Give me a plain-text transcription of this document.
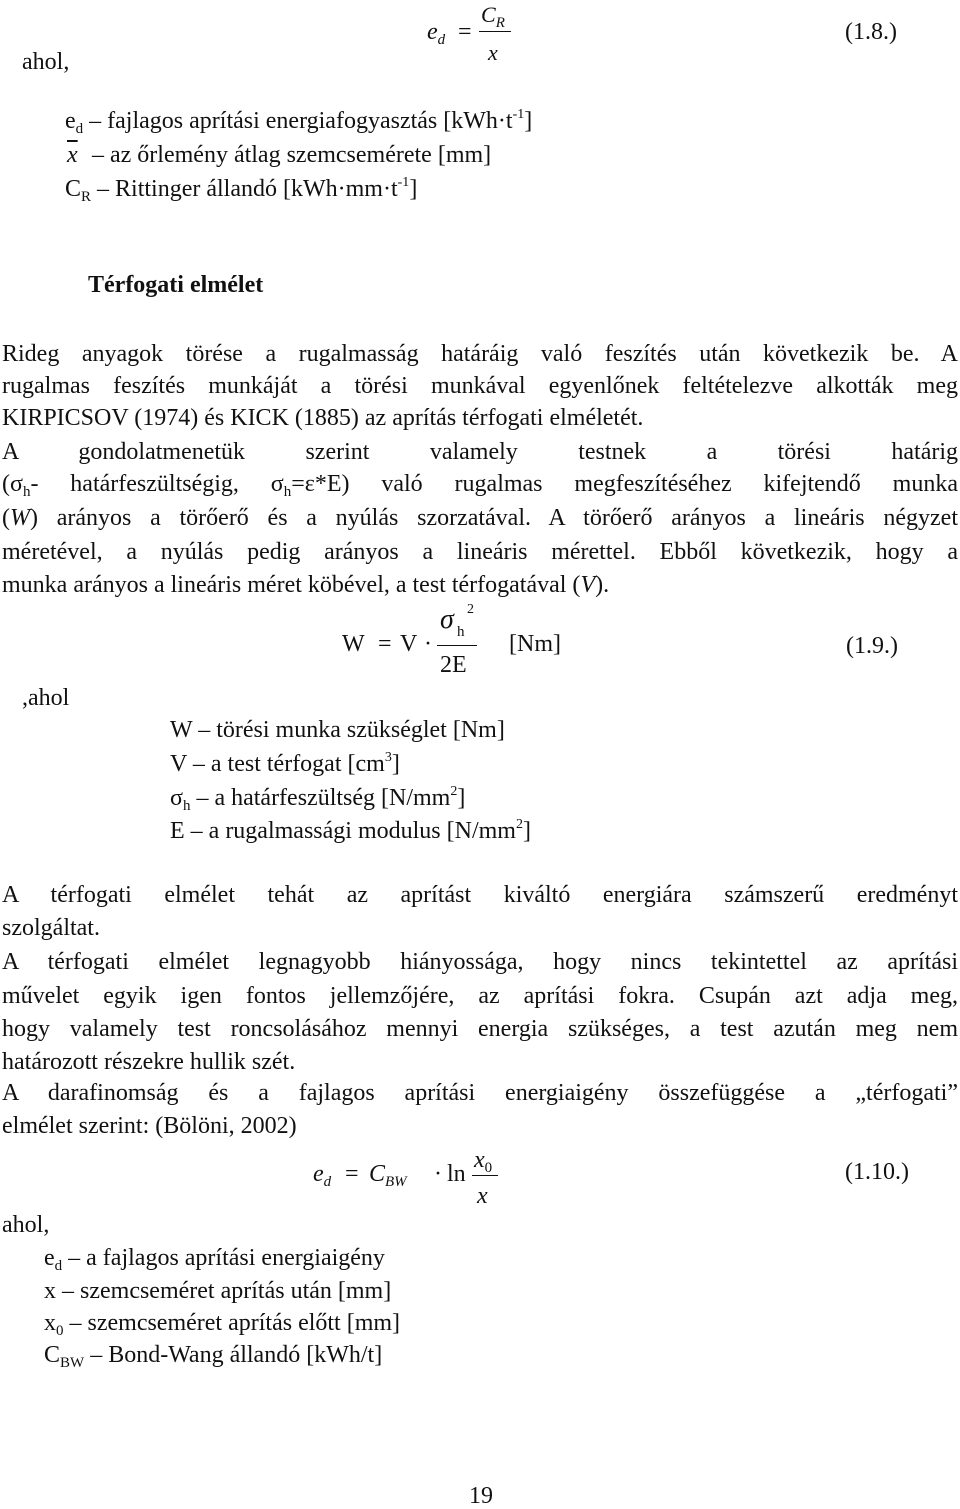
$e_d$ =
$C_R$
x
(1.8.)
ahol,
$e_d$ – fajlagos aprítási energiafogyasztás $[kWh\cdot t^{-1}]$
$\overline{x}$ – az őrlemény átlag szemcsemérete [mm]
$C_R$ – Rittinger állandó $[kWh\cdot mm\cdot t^{-1}]$
Térfogati elmélet
Rideg anyagok törése a rugalmasság határáig való feszítés után következik be. A
rugalmas feszítés munkáját a törési munkával egyenlőnek feltételezve alkották meg
KIRPICSOV (1974) és KICK (1885) az aprítás térfogati elméletét.
A gondolatmenetük szerint valamely testnek a törési határig
($\sigma_h-$ határfeszültségig, $\sigma_h=\varepsilon*E$) való rugalmas megfeszítéséhez kifejtendő munka
(W) arányos a törőerő és a nyúlás szorzatával. A törőerő arányos a lineáris négyzet
méretével, a nyúlás pedig arányos a lineáris mérettel. Ebből következik, hogy a
munka arányos a lineáris méret köbével, a test térfogatával (V).
W = V ·
σ h
2
2E
[Nm]	(1.9.)
,ahol
W – törési munka szükséglet [Nm]
V – a test térfogat $[cm^3]$
$\sigma_h$ – a határfeszültség $[N/mm^2]$
E – a rugalmassági modulus $[N/mm^2]$
A térfogati elmélet tehát az aprítást kiváltó energiára számszerű eredményt
szolgáltat.
A térfogati elmélet legnagyobb hiányossága, hogy nincs tekintettel az aprítási
művelet egyik igen fontos jellemzőjére, az aprítási fokra. Csupán azt adja meg,
hogy valamely test roncsolásához mennyi energia szükséges, a test azután meg nem
határozott részekre hullik szét.
A darafinomság és a fajlagos aprítási energiaigény összefüggése a „térfogati”
elmélet szerint: (Bölöni, 2002)
$e_d = C_{BW} \cdot \ln$
$x_0$
x
(1.10.)
ahol,
$e_d$ – a fajlagos aprítási energiaigény
x – szemcseméret aprítás után [mm]
$x_0$ – szemcseméret aprítás előtt [mm]
$C_{BW}$ – Bond-Wang állandó [kWh/t]
19
